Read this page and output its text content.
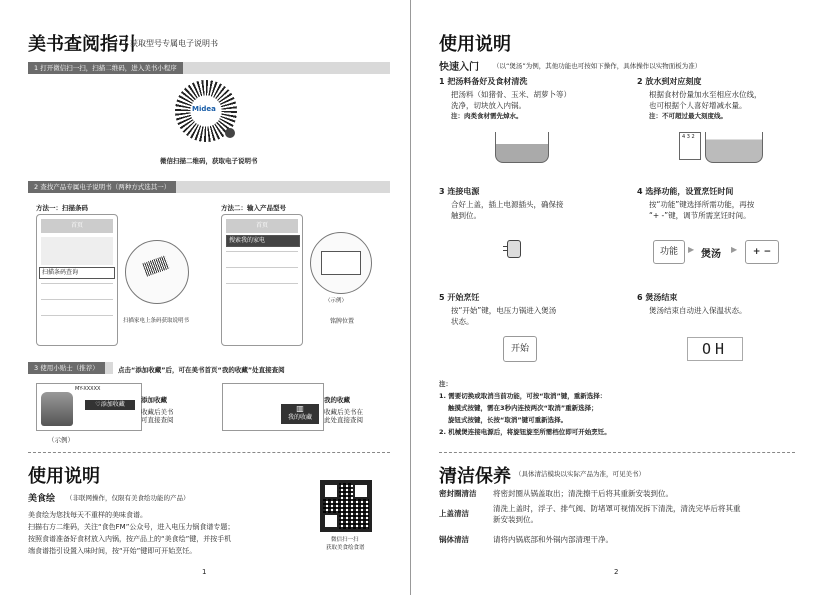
美书查阅指引
获取型号专属电子说明书
1 打开微信扫一扫，扫描二维码，进入美书小程序
Midea
微信扫描二维码，获取电子说明书
2 查找产品专属电子说明书（两种方式选其一）
方法一：扫描条码	方法二：输入产品型号
首页
扫描条码查询
扫描家电上条码获取说明书
首页
搜索我的家电
（示例）
铭牌位置
3 使用小贴士（推荐）	点击“添加收藏”后，可在美书首页“我的收藏”处直接查阅
MY-XXXXX
♡添加收藏
添加收藏
收藏后美书
可直接查阅
（示例）
▥
我的收藏
我的收藏
收藏后美书在
此处直接查阅
使用说明
美食绘 （非联网操作，仅限有美食绘功能的产品）
美食绘为您找每天不重样的美味食谱。
扫描右方二维码，关注“食色FM”公众号，进入电压力锅食谱专题；
按照食谱准备好食材放入内锅，按产品上的“美食绘”键，并按手机
端食谱指引设置入味时间，按“开始”键即可开始烹饪。
微信扫一扫
获取美食绘食谱
1
使用说明
快速入门 （以“煲汤”为例，其他功能也可按如下操作，具体操作以实物面板为准）
1 把汤料备好及食材清洗
把汤料（如猪骨、玉米、胡萝卜等）
洗净，切块放入内锅。
注：肉类食材需先焯水。
2 放水到对应刻度
根据食材份量加水至相应水位线，
也可根据个人喜好增减水量。
注：不可超过最大刻度线。
4 3 2
3 连接电源
合好上盖，插上电源插头，确保接
触到位。
4 选择功能，设置烹饪时间
按“功能”键选择所需功能，再按
“+ -”键，调节所需烹饪时间。
功能	▶ 煲汤 ▶	+ −
5 开始烹饪
按“开始”键，电压力锅进入煲汤
状态。
开始
6 煲汤结束
煲汤结束自动进入保温状态。
OH
注：
1. 需要切换或取消当前功能，可按“取消”键，重新选择：
触摸式按键，需在3秒内连按两次“取消”重新选择；
旋钮式按键，长按“取消”键可重新选择。
2. 机械煲连接电源后，将旋钮旋至所需档位即可开始烹饪。
清洁保养 （具体清洁模块以实际产品为准，可见美书）
密封圈清洁 将密封圈从锅盖取出；清洗擦干后将其重新安装到位。
上盖清洁
清洗上盖时，浮子、排气阀、防堵罩可视情况拆下清洗，清洗完毕后将其重
新安装到位。
锅体清洁	请将内锅底部和外锅内部清理干净。
2
